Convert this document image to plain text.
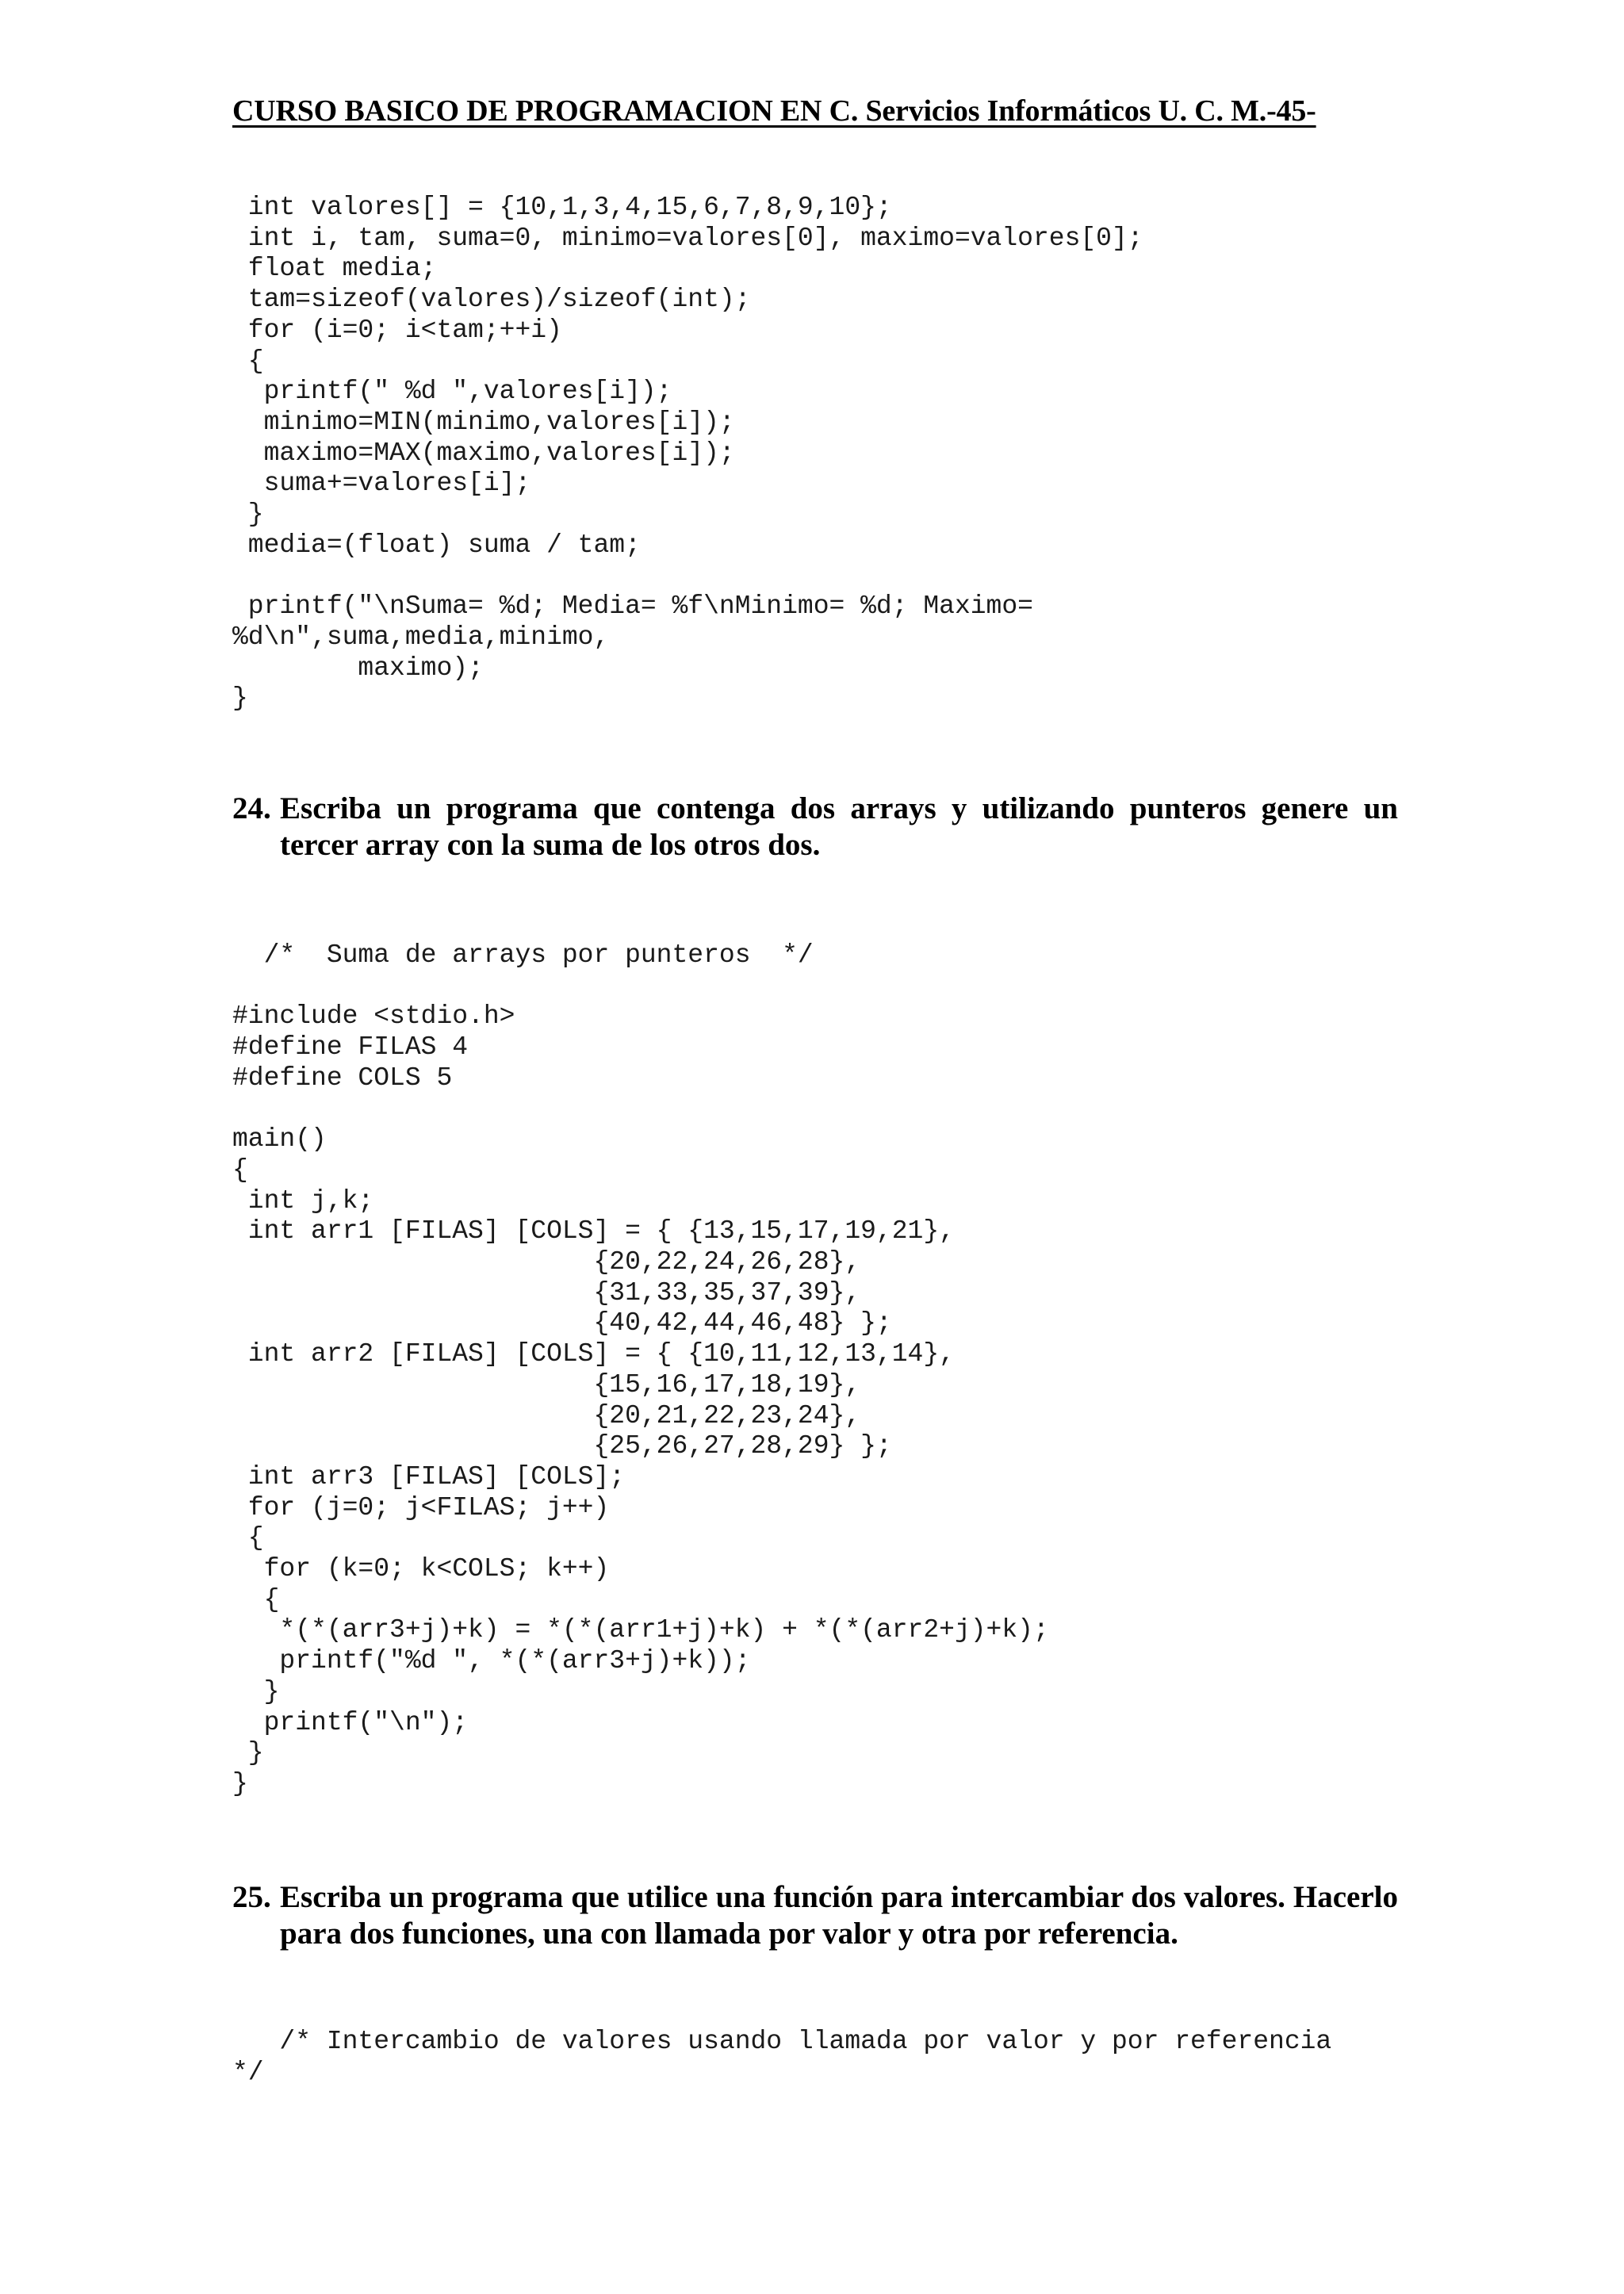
CURSO BASICO DE PROGRAMACION EN C. Servicios Informáticos U. C. M.-45-
int valores[] = {10,1,3,4,15,6,7,8,9,10};
int i, tam, suma=0, minimo=valores[0], maximo=valores[0];
float media;
tam=sizeof(valores)/sizeof(int);
for (i=0; i<tam;++i)
{
printf(" %d ",valores[i]);
minimo=MIN(minimo,valores[i]);
maximo=MAX(maximo,valores[i]);
suma+=valores[i];
}
media=(float) suma / tam;

printf("\nSuma= %d; Media= %f\nMinimo= %d; Maximo=
%d\n",suma,media,minimo,
maximo);
}
24. Escriba un programa que contenga dos arrays y utilizando punteros genere un tercer array con la suma de los otros dos.
/*  Suma de arrays por punteros  */

#include <stdio.h>
#define FILAS 4
#define COLS 5

main()
{
int j,k;
int arr1 [FILAS] [COLS] = { {13,15,17,19,21},
{20,22,24,26,28},
{31,33,35,37,39},
{40,42,44,46,48} };
int arr2 [FILAS] [COLS] = { {10,11,12,13,14},
{15,16,17,18,19},
{20,21,22,23,24},
{25,26,27,28,29} };
int arr3 [FILAS] [COLS];
for (j=0; j<FILAS; j++)
{
for (k=0; k<COLS; k++)
{
*(*(arr3+j)+k) = *(*(arr1+j)+k) + *(*(arr2+j)+k);
printf("%d ", *(*(arr3+j)+k));
}
printf("\n");
}
}
25. Escriba un programa que utilice una función para intercambiar dos valores. Hacerlo para dos funciones, una con llamada por valor y otra por referencia.
/* Intercambio de valores usando llamada por valor y por referencia
*/
